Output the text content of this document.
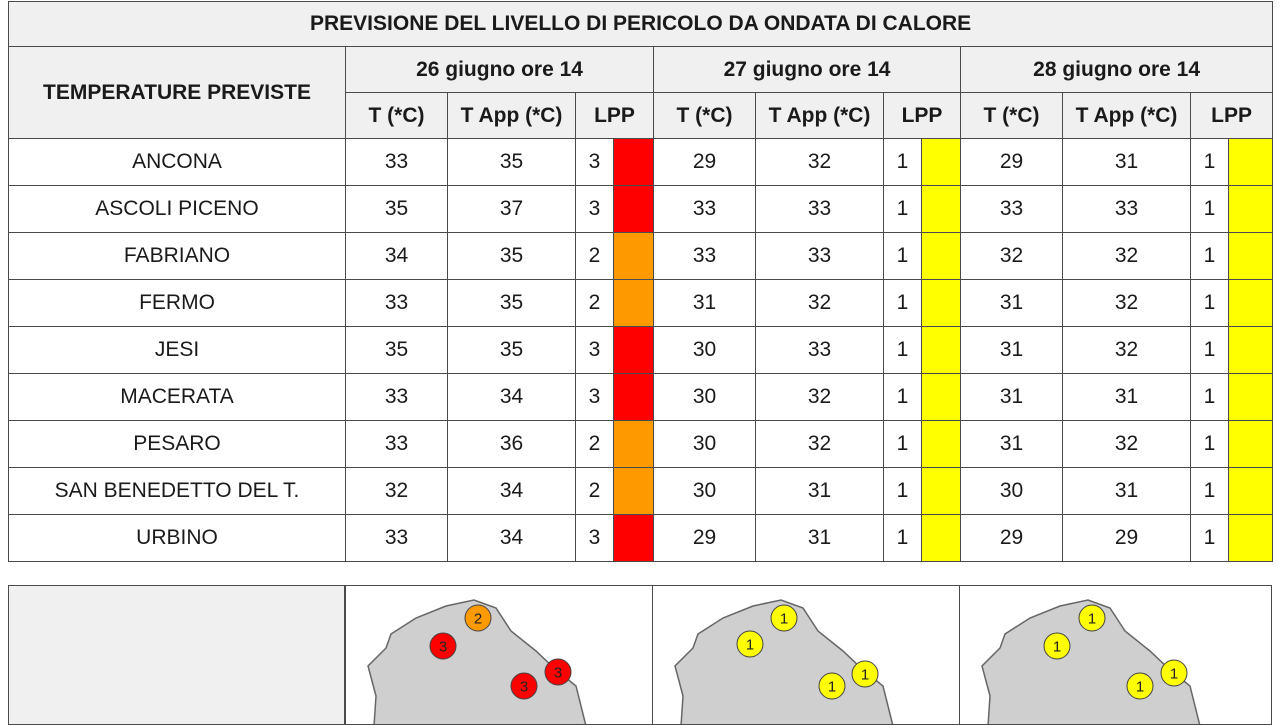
PREVISIONE DEL LIVELLO DI PERICOLO DA ONDATA DI CALORE												
TEMPERATURE PREVISTE	26 giugno ore 14				27 giugno ore 14				28 giugno ore 14			
	T (*C)	T App (*C)	LPP		T (*C)	T App (*C)	LPP		T (*C)	T App (*C)	LPP	
ANCONA	33	35	3		29	32	1		29	31	1	
ASCOLI PICENO	35	37	3		33	33	1		33	33	1	
FABRIANO	34	35	2		33	33	1		32	32	1	
FERMO	33	35	2		31	32	1		31	32	1	
JESI	35	35	3		30	33	1		31	32	1	
MACERATA	33	34	3		30	32	1		31	31	1	
PESARO	33	36	2		30	32	1		31	32	1	
SAN BENEDETTO DEL T.	32	34	2		30	31	1		30	31	1	
URBINO	33	34	3		29	31	1		29	29	1	
2
3
3
3
1
1
1
1
1
1
1
1
